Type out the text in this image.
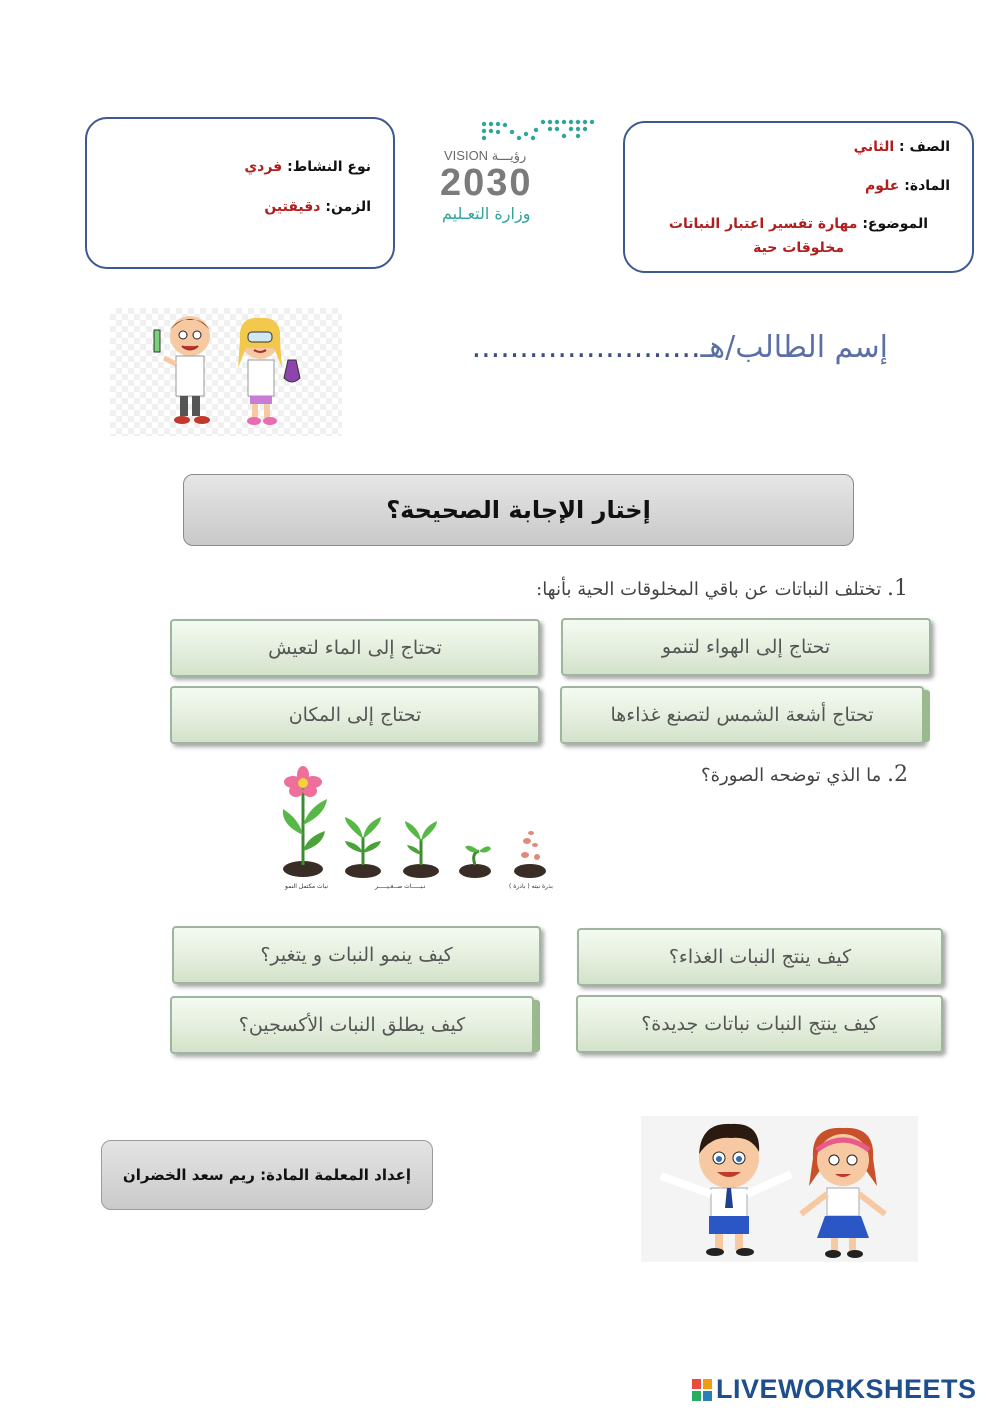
نوع النشاط: فردي
الزمن: دقيقتين
VISION رؤيـــة
2030
وزارة التعـليم
الصف : الثاني
المادة: علوم
الموضوع: مهارة تفسير اعتبار النباتات
مخلوقات حية
إسم الطالب/هـ........................
إختار الإجابة الصحيحة؟
1. تختلف النباتات عن باقي المخلوقات الحية بأنها:
تحتاج إلى الهواء لتنمو
تحتاج إلى الماء لتعيش
تحتاج أشعة الشمس لتصنع غذاءها
تحتاج إلى المكان
2. ما الذي توضحه الصورة؟
نبات مكتمل النمو	نـبـــــات صــغـيـــــر	بذرة نبته ( بادرة )
كيف ينتج النبات الغذاء؟
كيف ينمو النبات و يتغير؟
كيف ينتج النبات نباتات جديدة؟
كيف يطلق النبات الأكسجين؟
إعداد المعلمة المادة: ريم سعد الخضران
LIVEWORKSHEETS
